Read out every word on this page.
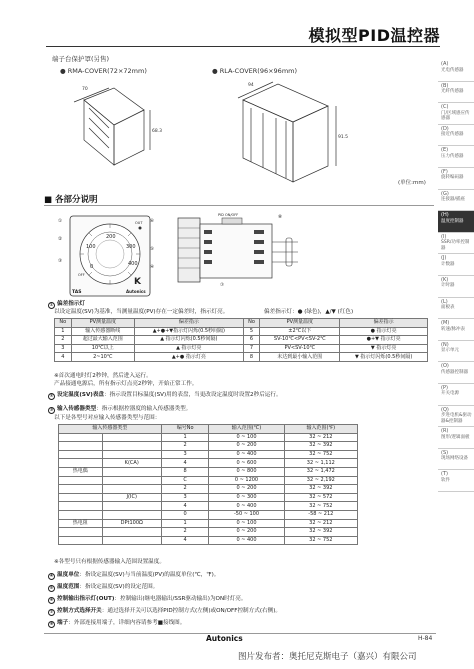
模拟型PID温控器
(A)
光电传感器
(B)
光纤传感器
(C)
门/区域感应传感器
(D)
接近传感器
(E)
压力传感器
(F)
旋转编码器
(G)
连接器/插座
(H)
温度控制器
(I)
SSR/功率控制器
(J)
计数器
(K)
计时器
(L)
面板表
(M)
转速/脉冲表
(N)
显示单元
(O)
传感器控制器
(P)
开关电源
(Q)
步进电机&驱动器&控制器
(R)
图形/逻辑面板
(S)
现场网络设备
(T)
软件
端子台保护罩(另售)
● RMA-COVER(72×72mm)	● RLA-COVER(96×96mm)
70
68.3
94
91.5
(单位:mm)
■ 各部分说明
200
300
400
100
0
K
TAS	Autonics
OFF
OUT
①
②
③
⑥
⑤
④
PID ON/OFF	⑧
⑦
① 偏差指示灯
以设定温度(SV)为基准，当测量温度(PV)存在一定偏差时，指示灯亮。	偏差指示灯：● (绿色)，▲/▼ (红色)
No	PV测量温度	偏差指示	No	PV测量温度	偏差指示
1	输入传感器断线	▲+●+▼指示灯闪烁(0.5秒间隔)	5	±2℃以下	● 指示灯亮
2	超过最大输入范围	▲ 指示灯闪烁(0.5秒间隔)	6	SV-10℃<PV<SV-2℃	●+▼ 指示灯亮
3	10℃以上	▲ 指示灯亮	7	PV<SV-10℃	▼ 指示灯亮
4	2~10℃	▲+● 指示灯亮	8	未达到最小输入范围	▼ 指示灯闪烁(0.5秒间隔)
※首次通电时灯2秒钟，然后进入运行。
产品接通电源后，所有指示灯点亮2秒钟，开始正常工作。
② 设定温度(SV)表盘：指示设置目标温度(SV)用的表盘，当更改设定温度时设置2秒后运行。
③ 输入传感器类型：指示根据控器度的输入传感器类型。
以下是各型号对应输入传感器类型与范围：
输入传感器类型		编号No	输入范围(℃)	输入范围(℉)
		1	0 ~ 100	32 ~ 212
		2	0 ~ 200	32 ~ 392
		3	0 ~ 400	32 ~ 752
	K(CA)	4	0 ~ 600	32 ~ 1,112
热电偶		8	0 ~ 800	32 ~ 1,472
		C	0 ~ 1200	32 ~ 2,192
		2	0 ~ 200	32 ~ 392
	J(IC)	3	0 ~ 300	32 ~ 572
		4	0 ~ 400	32 ~ 752
		0	-50 ~ 100	-58 ~ 212
热电阻	DPt100Ω	1	0 ~ 100	32 ~ 212
		2	0 ~ 200	32 ~ 392
		4	0 ~ 400	32 ~ 752
※各型号只有根据传感器输入范围设置温度。
④ 温度单位：指设定温度(SV)与当前温度(PV)的温度单位(℃，℉)。
⑤ 温度范围：指设定温度(SV)的设定范围。
⑥ 控制输出指示灯(OUT)：控制输出(继电器输出/SSR驱动输出)为ON时灯亮。
⑦ 控制方式选择开关：通过选择开关可以选择PID控制方式(左侧)或ON/OFF控制方式(右侧)。
⑧ 端子：外部连接用端子，详细内容请参考■接线图。
Autonics	H-84
图片发布者：奥托尼克斯电子（嘉兴）有限公司
